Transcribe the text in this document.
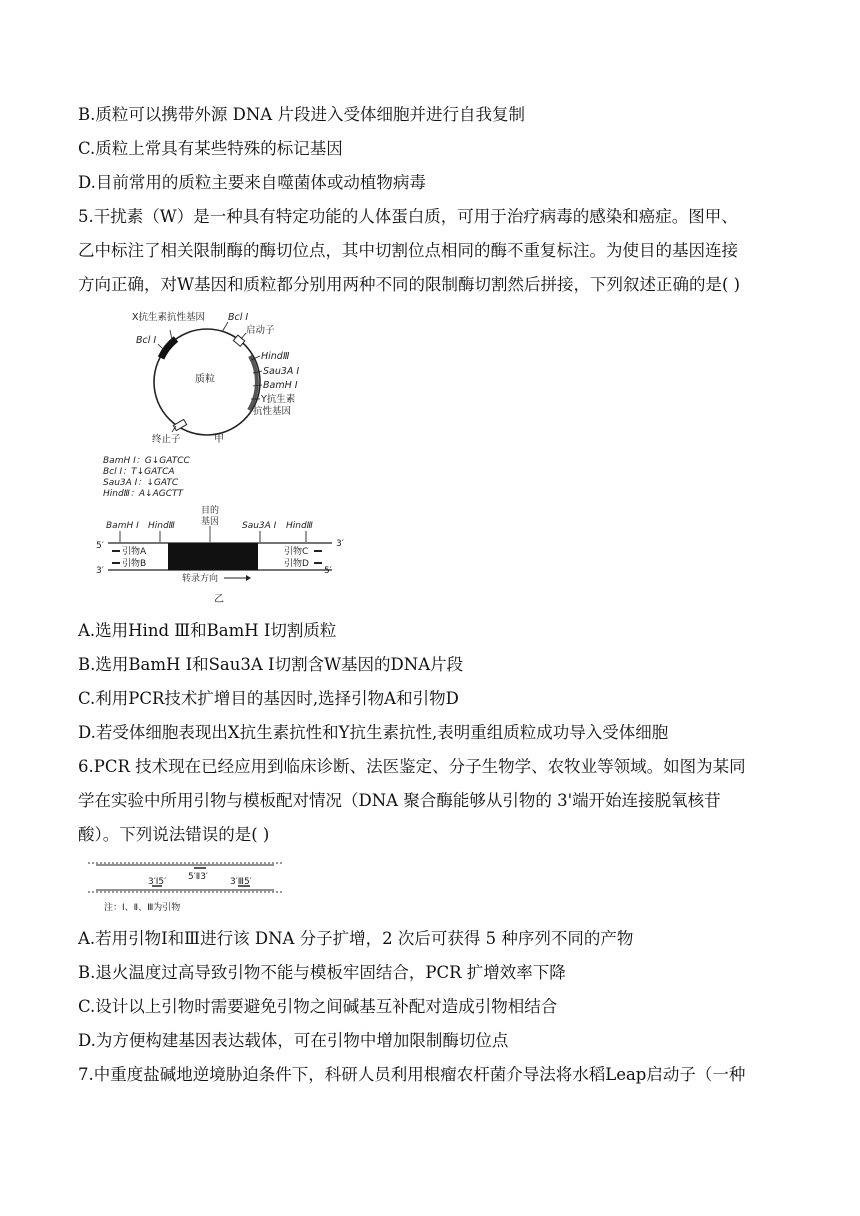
B.质粒可以携带外源 DNA 片段进入受体细胞并进行自我复制
C.质粒上常具有某些特殊的标记基因
D.目前常用的质粒主要来自噬菌体或动植物病毒
5.干扰素（W）是一种具有特定功能的人体蛋白质，可用于治疗病毒的感染和癌症。图甲、
乙中标注了相关限制酶的酶切位点，其中切割位点相同的酶不重复标注。为使目的基因连接
方向正确，对W基因和质粒都分别用两种不同的限制酶切割然后拼接，下列叙述正确的是( )
X抗生素抗性基因 Bcl Ⅰ
启动子
Bcl Ⅰ
质粒
HindⅢ
Sau3A Ⅰ
BamH Ⅰ
Y抗生素
抗性基因
终止子	甲
BamH Ⅰ：G↓GATCC
Bcl Ⅰ：T↓GATCA
Sau3A Ⅰ：↓GATC
HindⅢ：A↓AGCTT
目的
基因
BamH Ⅰ HindⅢ	Sau3A Ⅰ HindⅢ
5′
3′
3′
5′
引物A
引物B
引物C
引物D
转录方向
乙
A.选用Hind Ⅲ和BamH Ⅰ切割质粒
B.选用BamH Ⅰ和Sau3A Ⅰ切割含W基因的DNA片段
C.利用PCR技术扩增目的基因时,选择引物A和引物D
D.若受体细胞表现出X抗生素抗性和Y抗生素抗性,表明重组质粒成功导入受体细胞
6.PCR 技术现在已经应用到临床诊断、法医鉴定、分子生物学、农牧业等领域。如图为某同
学在实验中所用引物与模板配对情况（DNA 聚合酶能够从引物的 3'端开始连接脱氧核苷
酸）。下列说法错误的是( )
3′Ⅰ5′ 5′Ⅱ3′ 3′Ⅲ5′
注：Ⅰ、Ⅱ、Ⅲ为引物
A.若用引物Ⅰ和Ⅲ进行该 DNA 分子扩增，2 次后可获得 5 种序列不同的产物
B.退火温度过高导致引物不能与模板牢固结合，PCR 扩增效率下降
C.设计以上引物时需要避免引物之间碱基互补配对造成引物相结合
D.为方便构建基因表达载体，可在引物中增加限制酶切位点
7.中重度盐碱地逆境胁迫条件下，科研人员利用根瘤农杆菌介导法将水稻Leap启动子（一种
